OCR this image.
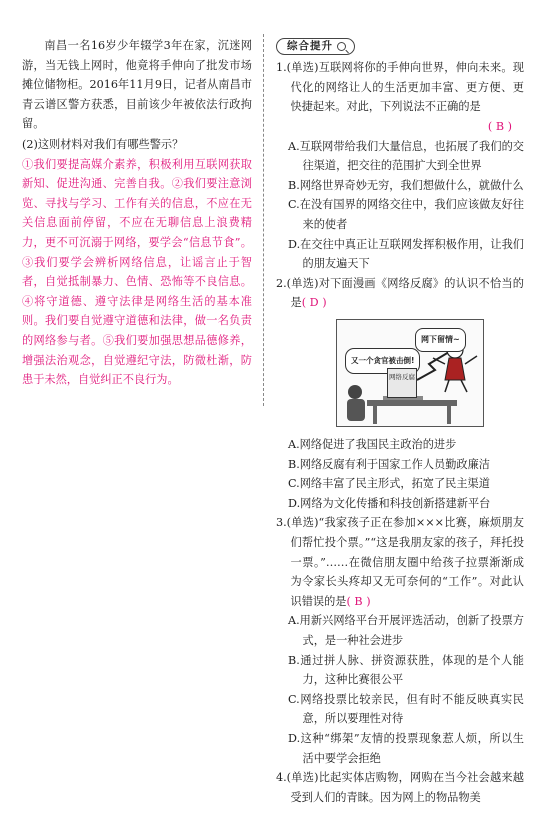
南昌一名16岁少年辍学3年在家，沉迷网游，当无钱上网时，他竟将手伸向了批发市场摊位储物柜。2016年11月9日，记者从南昌市青云谱区警方获悉，目前该少年被依法行政拘留。

(2)这则材料对我们有哪些警示？

①我们要提高媒介素养，积极利用互联网获取新知、促进沟通、完善自我。②我们要注意浏览、寻找与学习、工作有关的信息，不应在无关信息面前停留，不应在无聊信息上浪费精力，更不可沉溺于网络，要学会“信息节食”。③我们要学会辨析网络信息，让谣言止于智者，自觉抵制暴力、色情、恐怖等不良信息。④将守道德、遵守法律是网络生活的基本准则。我们要自觉遵守道德和法律，做一名负责的网络参与者。⑤我们要加强思想品德修养，增强法治观念，自觉遵纪守法，防微杜渐，防患于未然，自觉纠正不良行为。

综合提升

1.(单选)互联网将你的手伸向世界，伸向未来。现代化的网络让人的生活更加丰富、更方便、更快捷起来。对此，下列说法不正确的是

( B )

A.互联网带给我们大量信息，也拓展了我们的交往渠道，把交往的范围扩大到全世界

B.网络世界奇妙无穷，我们想做什么，就做什么

C.在没有国界的网络交往中，我们应该做友好往来的使者

D.在交往中真正让互联网发挥积极作用，让我们的朋友遍天下

2.(单选)对下面漫画《网络反腐》的认识不恰当的是( D )

网下留情~
又一个贪官被击倒!
网络反腐

A.网络促进了我国民主政治的进步

B.网络反腐有利于国家工作人员勤政廉洁

C.网络丰富了民主形式，拓宽了民主渠道

D.网络为文化传播和科技创新搭建新平台

3.(单选)“我家孩子正在参加×××比赛，麻烦朋友们帮忙投个票。”“这是我朋友家的孩子，拜托投一票。”……在微信朋友圈中给孩子拉票渐渐成为令家长头疼却又无可奈何的“工作”。对此认识错误的是( B )

A.用新兴网络平台开展评选活动，创新了投票方式，是一种社会进步

B.通过拼人脉、拼资源获胜，体现的是个人能力，这种比赛很公平

C.网络投票比较亲民，但有时不能反映真实民意，所以要理性对待

D.这种“绑架”友情的投票现象惹人烦，所以生活中要学会拒绝

4.(单选)比起实体店购物，网购在当今社会越来越受到人们的青睐。因为网上的物品物美
